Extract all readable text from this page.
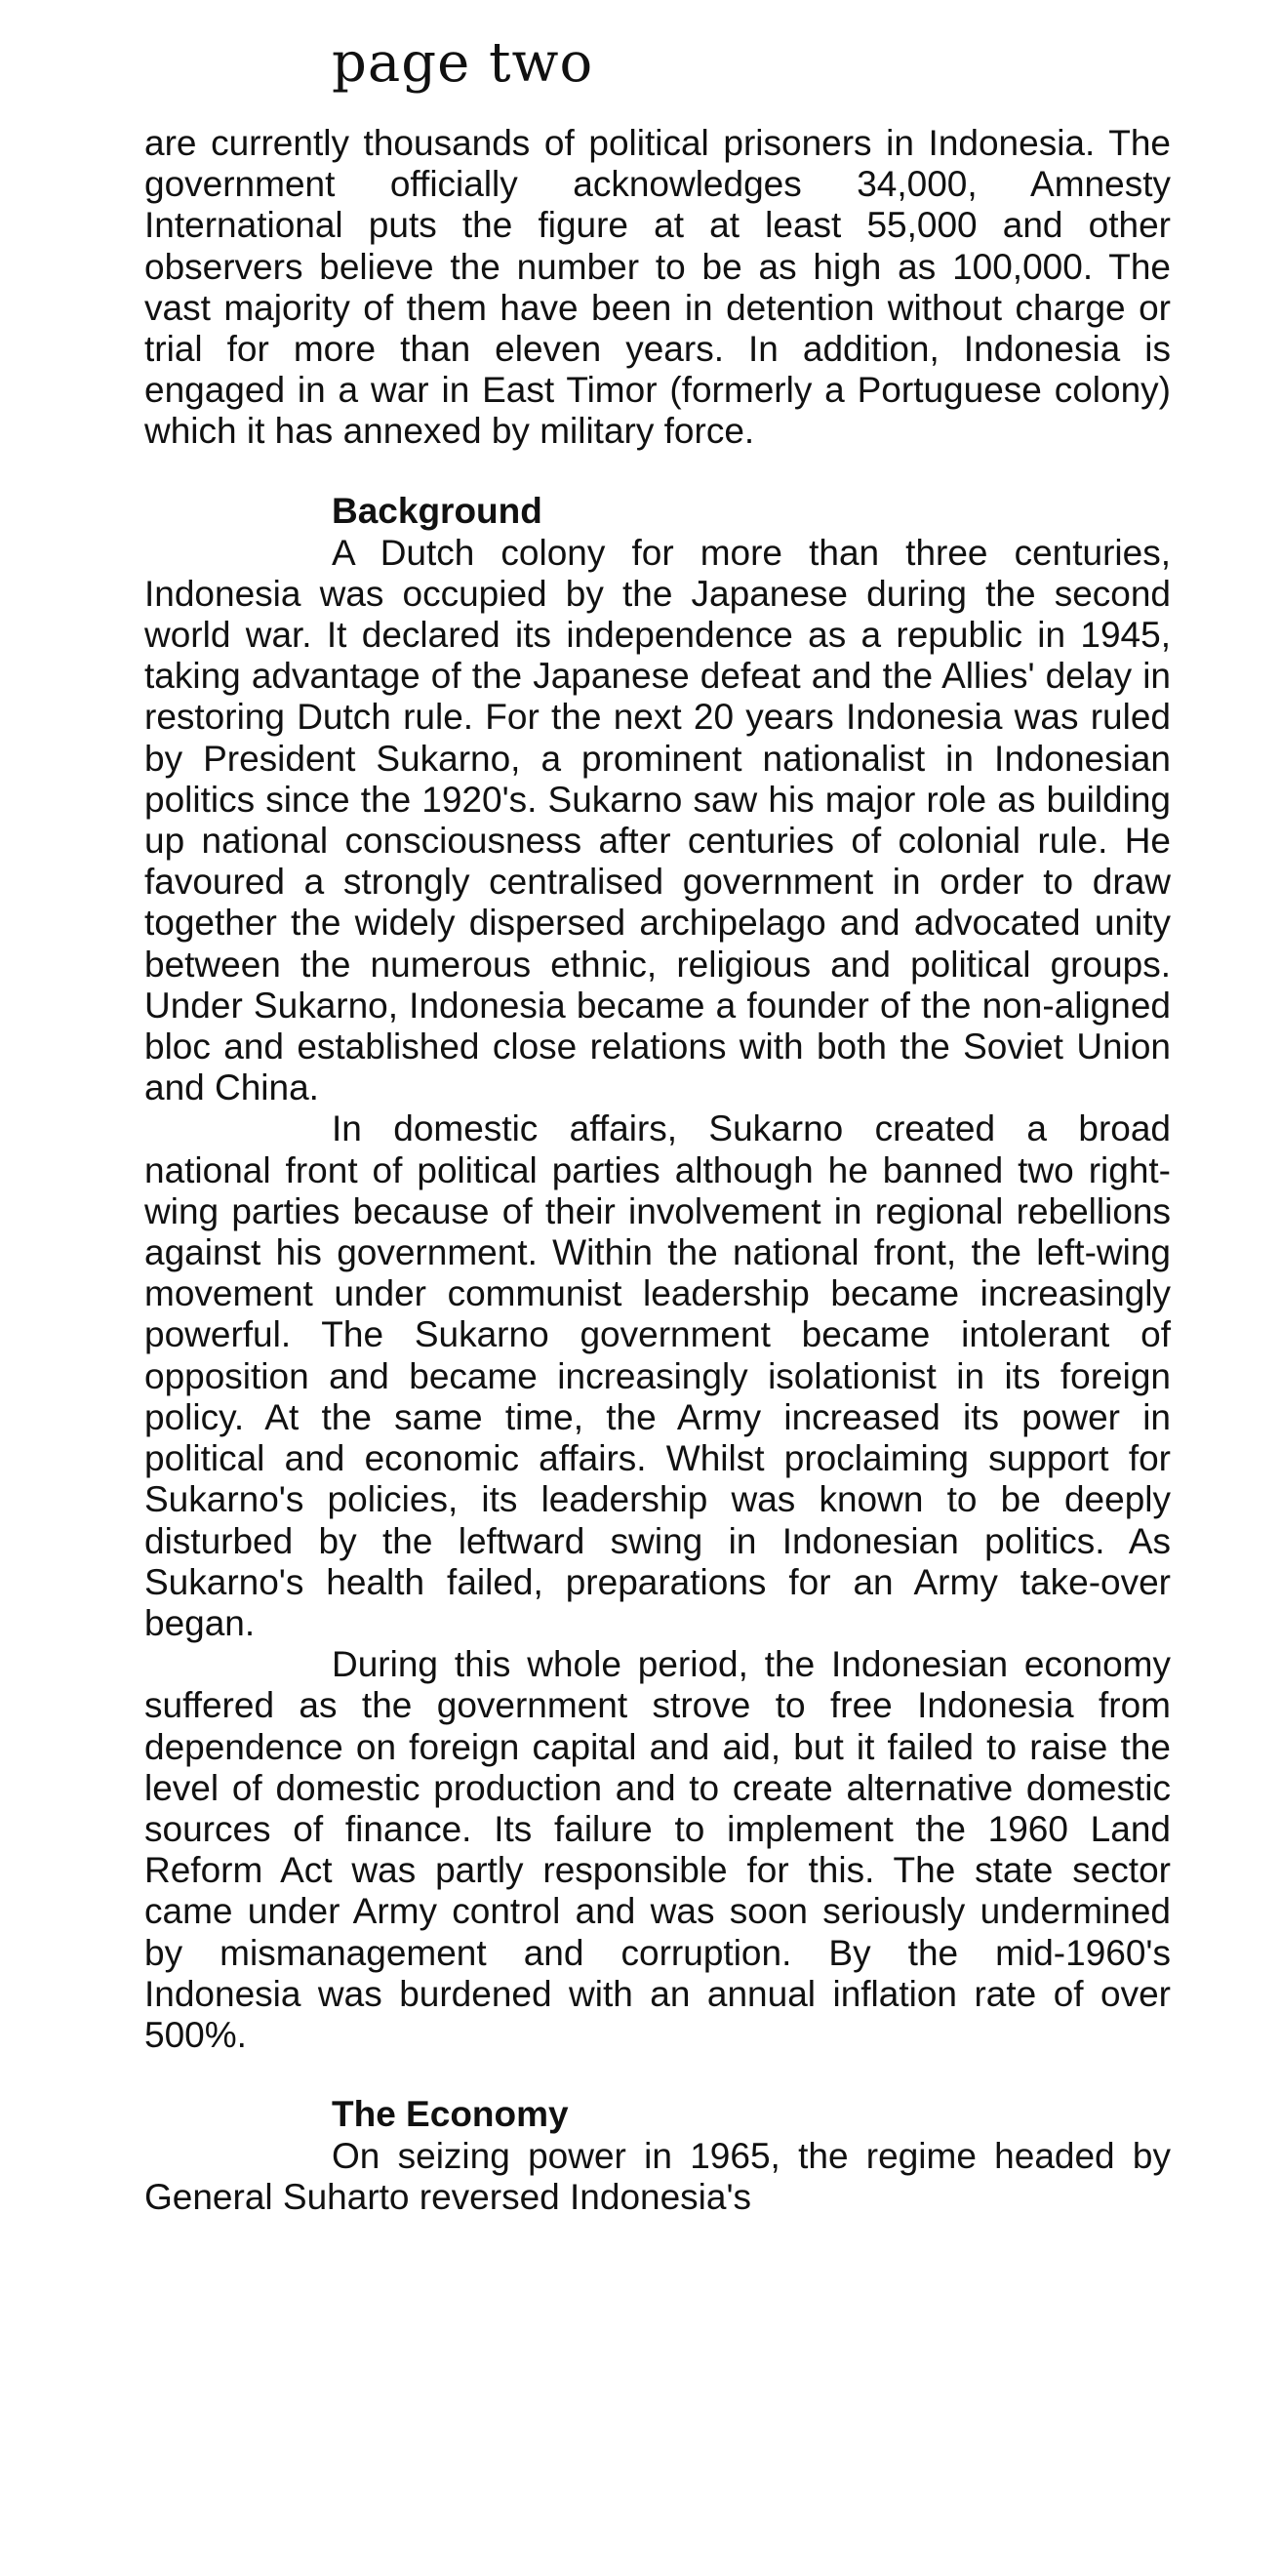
page two

are currently thousands of political prisoners in Indonesia. The government officially acknowledges 34,000, Amnesty International puts the figure at at least 55,000 and other observers believe the number to be as high as 100,000. The vast majority of them have been in detention without charge or trial for more than eleven years. In addition, Indonesia is engaged in a war in East Timor (formerly a Portuguese colony) which it has annexed by military force.

Background

A Dutch colony for more than three centuries, Indonesia was occupied by the Japanese during the second world war. It declared its independence as a republic in 1945, taking advantage of the Japanese defeat and the Allies' delay in restoring Dutch rule. For the next 20 years Indonesia was ruled by President Sukarno, a prominent nationalist in Indonesian politics since the 1920's. Sukarno saw his major role as building up national consciousness after centuries of colonial rule. He favoured a strongly centralised government in order to draw together the widely dispersed archipelago and advocated unity between the numerous ethnic, religious and political groups. Under Sukarno, Indonesia became a founder of the non-aligned bloc and established close relations with both the Soviet Union and China.

In domestic affairs, Sukarno created a broad national front of political parties although he banned two right-wing parties because of their involvement in regional rebellions against his government. Within the national front, the left-wing movement under communist leadership became increasingly powerful. The Sukarno government became intolerant of opposition and became increasingly isolationist in its foreign policy. At the same time, the Army increased its power in political and economic affairs. Whilst proclaiming support for Sukarno's policies, its leadership was known to be deeply disturbed by the leftward swing in Indonesian politics. As Sukarno's health failed, preparations for an Army take-over began.

During this whole period, the Indonesian economy suffered as the government strove to free Indonesia from dependence on foreign capital and aid, but it failed to raise the level of domestic production and to create alternative domestic sources of finance. Its failure to implement the 1960 Land Reform Act was partly responsible for this. The state sector came under Army control and was soon seriously undermined by mismanagement and corruption. By the mid-1960's Indonesia was burdened with an annual inflation rate of over 500%.

The Economy

On seizing power in 1965, the regime headed by General Suharto reversed Indonesia's
